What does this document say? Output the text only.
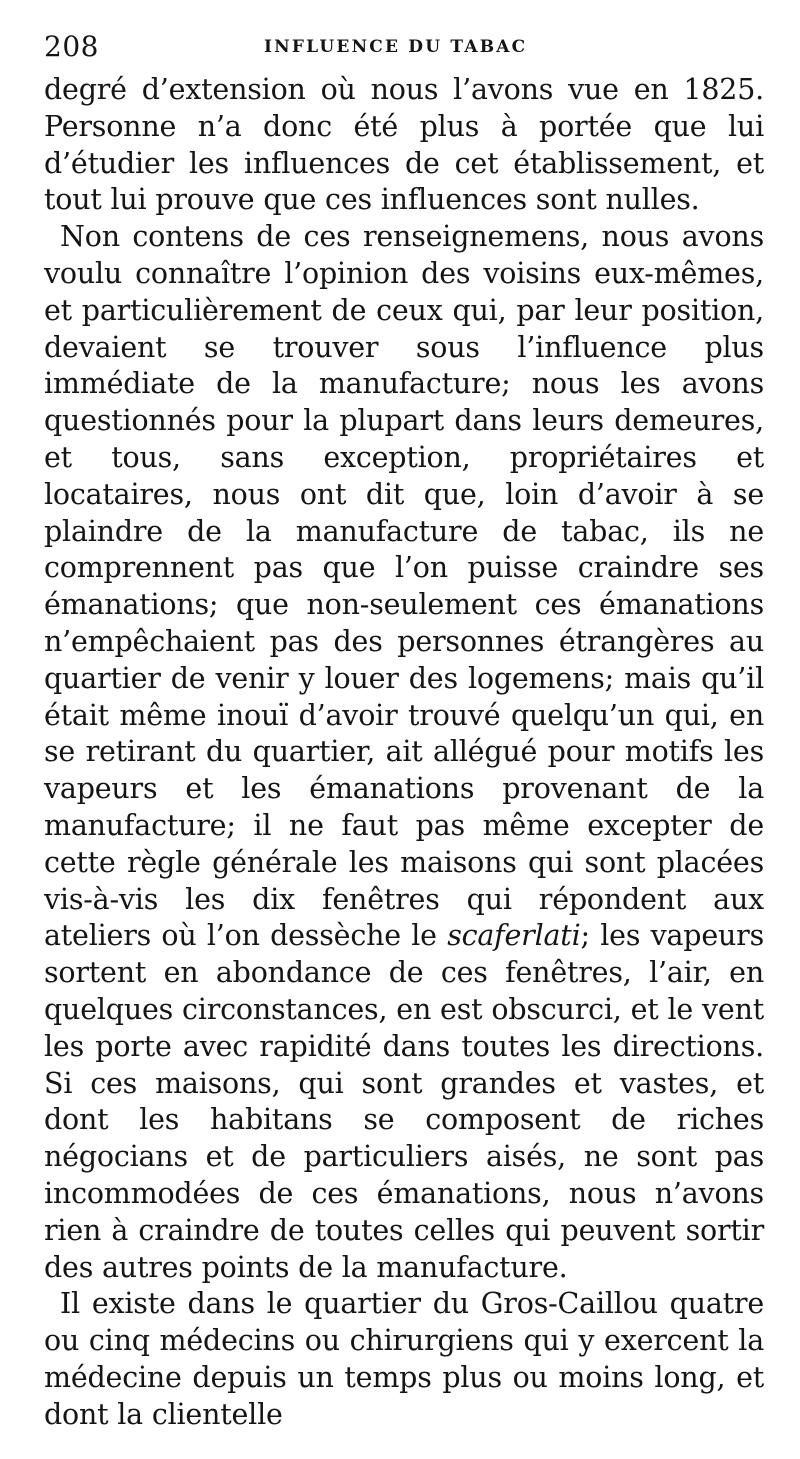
208	INFLUENCE DU TABAC

degré d’extension où nous l’avons vue en 1825. Personne n’a donc été plus à portée que lui d’étudier les influences de cet établissement, et tout lui prouve que ces influences sont nulles.

Non contens de ces renseignemens, nous avons voulu connaître l’opinion des voisins eux-mêmes, et particulièrement de ceux qui, par leur position, devaient se trouver sous l’influence plus immédiate de la manufacture; nous les avons questionnés pour la plupart dans leurs demeures, et tous, sans exception, propriétaires et locataires, nous ont dit que, loin d’avoir à se plaindre de la manufacture de tabac, ils ne comprennent pas que l’on puisse craindre ses émanations; que non-seulement ces émanations n’empêchaient pas des personnes étrangères au quartier de venir y louer des logemens; mais qu’il était même inouï d’avoir trouvé quelqu’un qui, en se retirant du quartier, ait allégué pour motifs les vapeurs et les émanations provenant de la manufacture; il ne faut pas même excepter de cette règle générale les maisons qui sont placées vis-à-vis les dix fenêtres qui répondent aux ateliers où l’on dessèche le scaferlati; les vapeurs sortent en abondance de ces fenêtres, l’air, en quelques circonstances, en est obscurci, et le vent les porte avec rapidité dans toutes les directions. Si ces maisons, qui sont grandes et vastes, et dont les habitans se composent de riches négocians et de particuliers aisés, ne sont pas incommodées de ces émanations, nous n’avons rien à craindre de toutes celles qui peuvent sortir des autres points de la manufacture.

Il existe dans le quartier du Gros-Caillou quatre ou cinq médecins ou chirurgiens qui y exercent la médecine depuis un temps plus ou moins long, et dont la clientelle
